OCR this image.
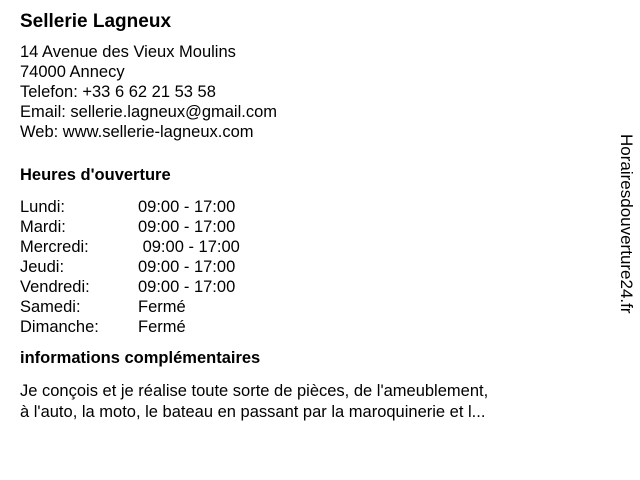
Sellerie Lagneux
14 Avenue des Vieux Moulins
74000 Annecy
Telefon: +33 6 62 21 53 58
Email: sellerie.lagneux@gmail.com
Web: www.sellerie-lagneux.com
Heures d'ouverture
Lundi:	09:00 - 17:00
Mardi:	09:00 - 17:00
Mercredi:	09:00 - 17:00
Jeudi:	09:00 - 17:00
Vendredi:	09:00 - 17:00
Samedi:	Fermé
Dimanche:	Fermé
informations complémentaires
Je conçois et je réalise toute sorte de pièces, de l'ameublement,
à l'auto, la moto, le bateau en passant par la maroquinerie et l...
Horairesdouverture24.fr
